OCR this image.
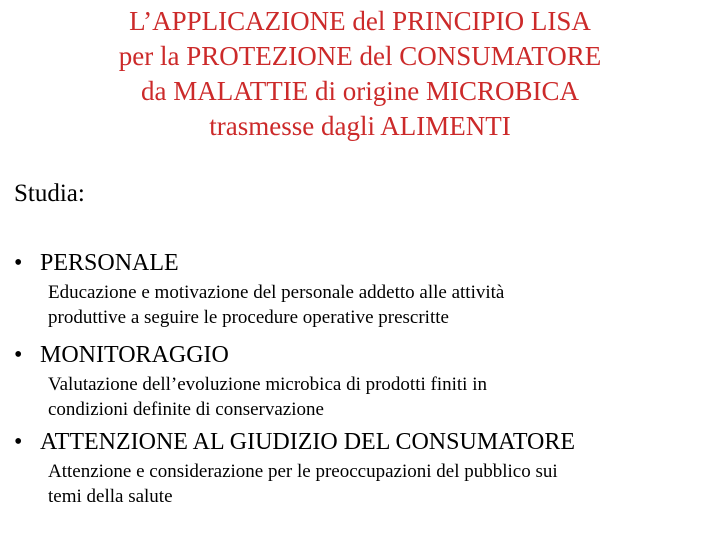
L’APPLICAZIONE del PRINCIPIO LISA
per la PROTEZIONE del CONSUMATORE
da MALATTIE di origine MICROBICA
trasmesse dagli ALIMENTI
Studia:
• PERSONALE
Educazione e motivazione del personale addetto alle attività
produttive a seguire le procedure operative prescritte
• MONITORAGGIO
Valutazione dell’evoluzione microbica di prodotti finiti in
condizioni definite di conservazione
• ATTENZIONE AL GIUDIZIO DEL CONSUMATORE
Attenzione e considerazione per le preoccupazioni del pubblico sui
temi della salute
